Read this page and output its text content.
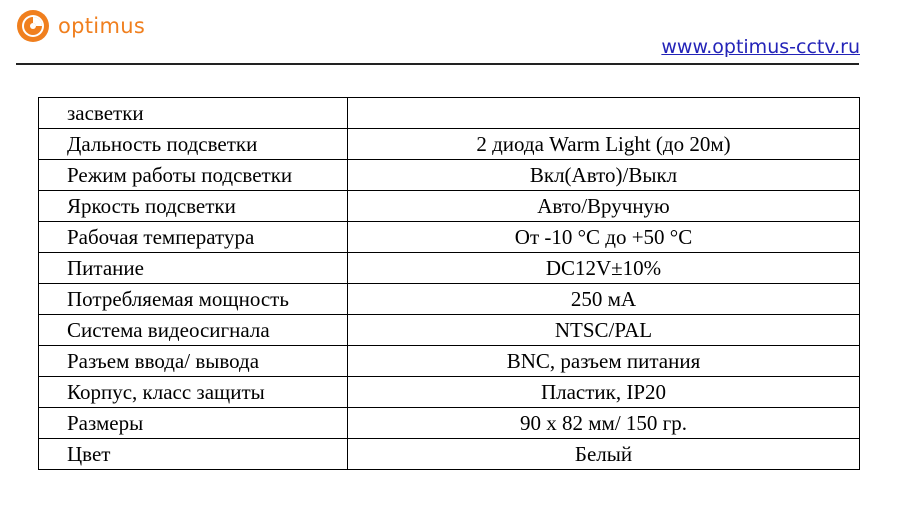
optimus
www.optimus-cctv.ru
засветки	
Дальность подсветки	2 диода Warm Light (до 20м)
Режим работы подсветки	Вкл(Авто)/Выкл
Яркость подсветки	Авто/Вручную
Рабочая температура	От -10 °C до +50 °C
Питание	DC12V±10%
Потребляемая мощность	250 мА
Система видеосигнала	NTSC/PAL
Разъем ввода/ вывода	BNC, разъем питания
Корпус, класс защиты	Пластик, IP20
Размеры	90 х 82 мм/ 150 гр.
Цвет	Белый
